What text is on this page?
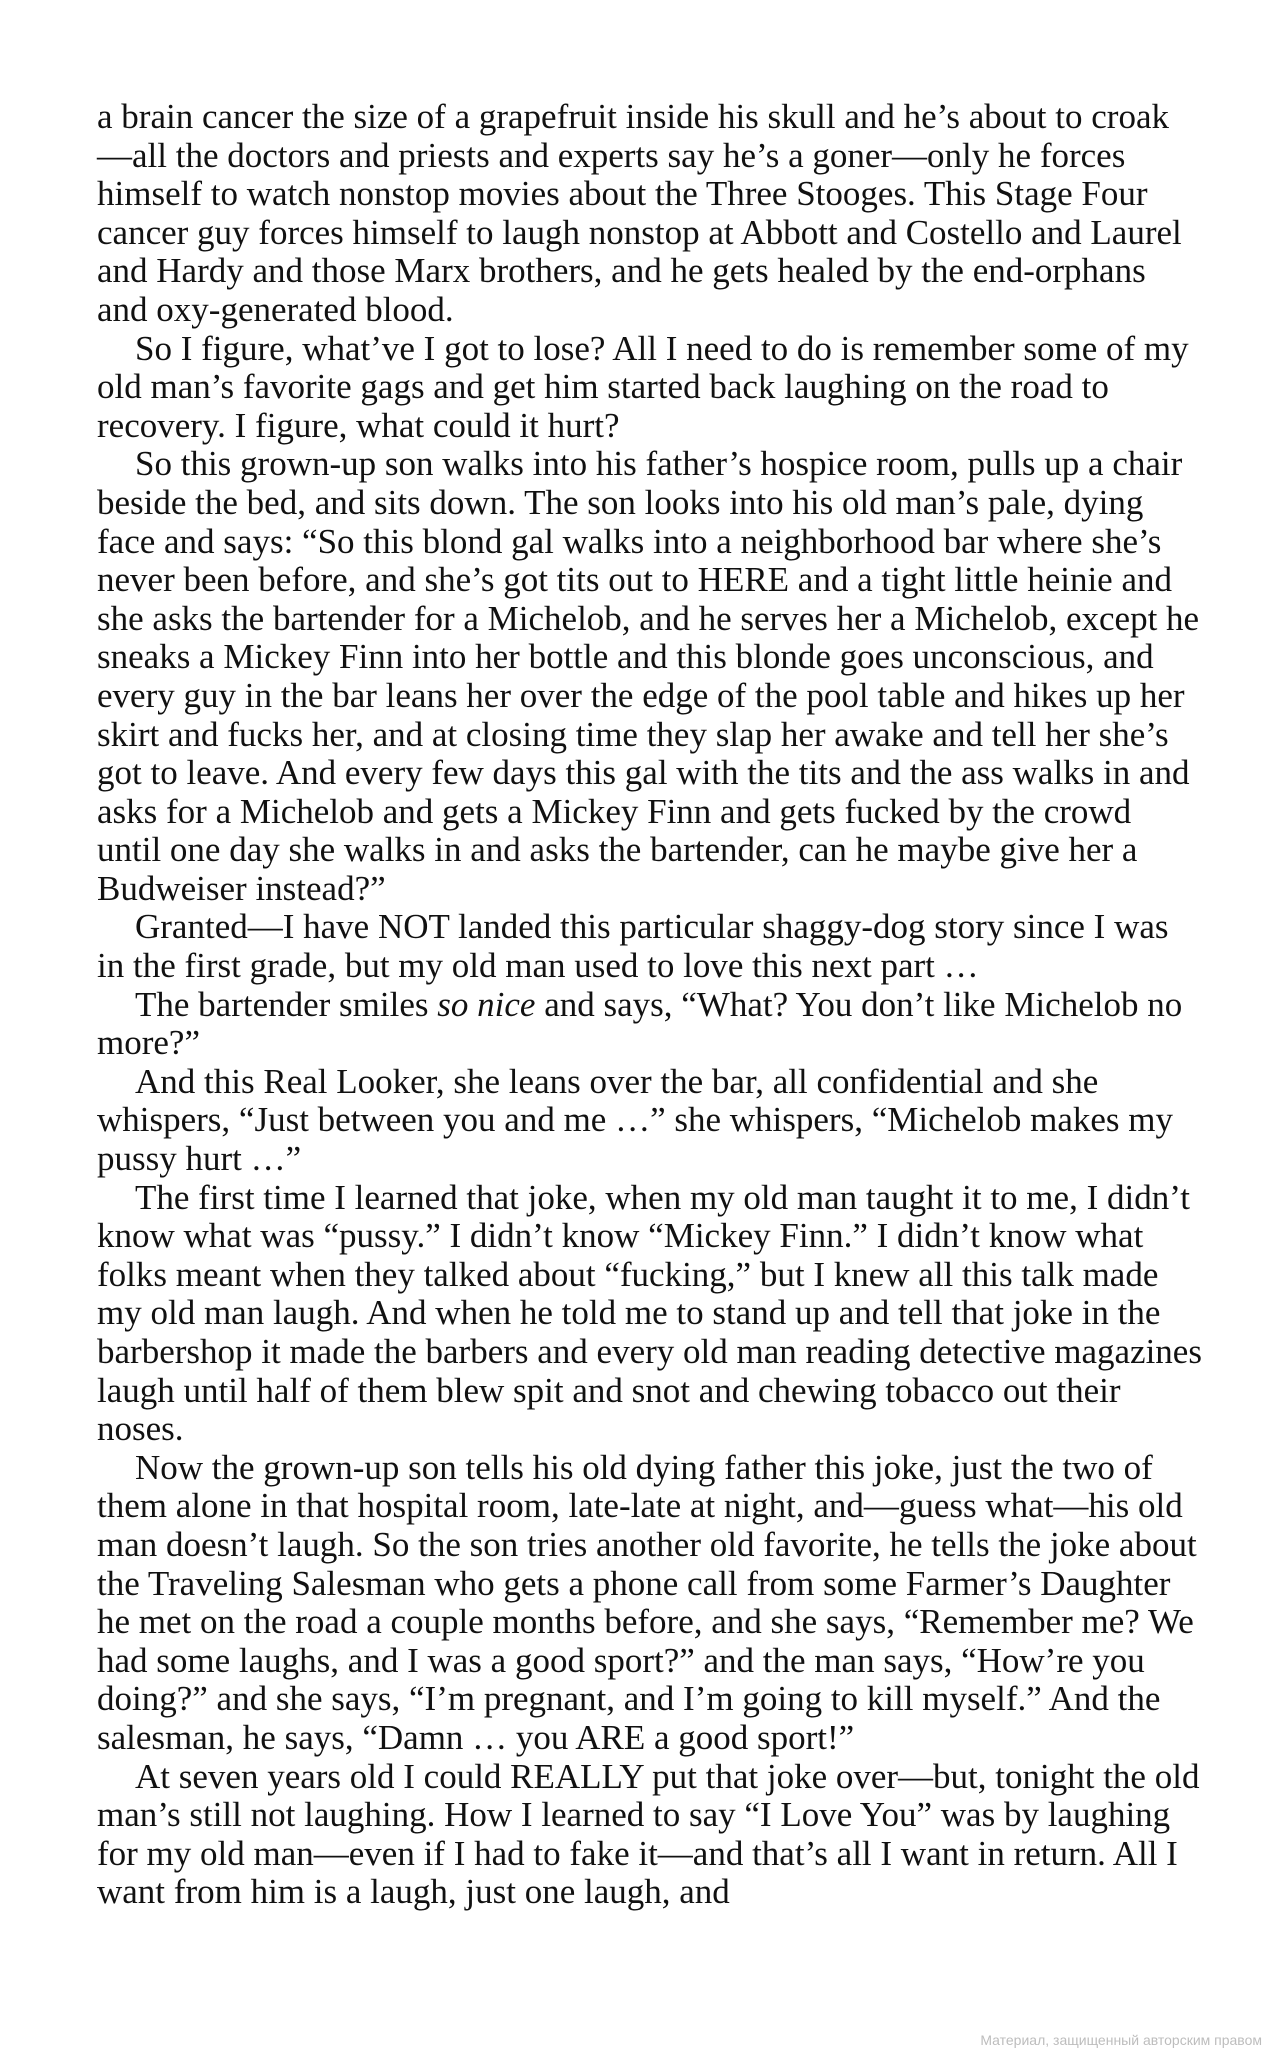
a brain cancer the size of a grapefruit inside his skull and he’s about to croak—all the doctors and priests and experts say he’s a goner—only he forces himself to watch nonstop movies about the Three Stooges. This Stage Four cancer guy forces himself to laugh nonstop at Abbott and Costello and Laurel and Hardy and those Marx brothers, and he gets healed by the end-orphans and oxy-generated blood.

So I figure, what’ve I got to lose? All I need to do is remember some of my old man’s favorite gags and get him started back laughing on the road to recovery. I figure, what could it hurt?

So this grown-up son walks into his father’s hospice room, pulls up a chair beside the bed, and sits down. The son looks into his old man’s pale, dying face and says: “So this blond gal walks into a neighborhood bar where she’s never been before, and she’s got tits out to HERE and a tight little heinie and she asks the bartender for a Michelob, and he serves her a Michelob, except he sneaks a Mickey Finn into her bottle and this blonde goes unconscious, and every guy in the bar leans her over the edge of the pool table and hikes up her skirt and fucks her, and at closing time they slap her awake and tell her she’s got to leave. And every few days this gal with the tits and the ass walks in and asks for a Michelob and gets a Mickey Finn and gets fucked by the crowd until one day she walks in and asks the bartender, can he maybe give her a Budweiser instead?”

Granted—I have NOT landed this particular shaggy-dog story since I was in the first grade, but my old man used to love this next part …

The bartender smiles so nice and says, “What? You don’t like Michelob no more?”

And this Real Looker, she leans over the bar, all confidential and she whispers, “Just between you and me …” she whispers, “Michelob makes my pussy hurt …”

The first time I learned that joke, when my old man taught it to me, I didn’t know what was “pussy.” I didn’t know “Mickey Finn.” I didn’t know what folks meant when they talked about “fucking,” but I knew all this talk made my old man laugh. And when he told me to stand up and tell that joke in the barbershop it made the barbers and every old man reading detective magazines laugh until half of them blew spit and snot and chewing tobacco out their noses.

Now the grown-up son tells his old dying father this joke, just the two of them alone in that hospital room, late-late at night, and—guess what—his old man doesn’t laugh. So the son tries another old favorite, he tells the joke about the Traveling Salesman who gets a phone call from some Farmer’s Daughter he met on the road a couple months before, and she says, “Remember me? We had some laughs, and I was a good sport?” and the man says, “How’re you doing?” and she says, “I’m pregnant, and I’m going to kill myself.” And the salesman, he says, “Damn … you ARE a good sport!”

At seven years old I could REALLY put that joke over—but, tonight the old man’s still not laughing. How I learned to say “I Love You” was by laughing for my old man—even if I had to fake it—and that’s all I want in return. All I want from him is a laugh, just one laugh, and

Материал, защищенный авторским правом
